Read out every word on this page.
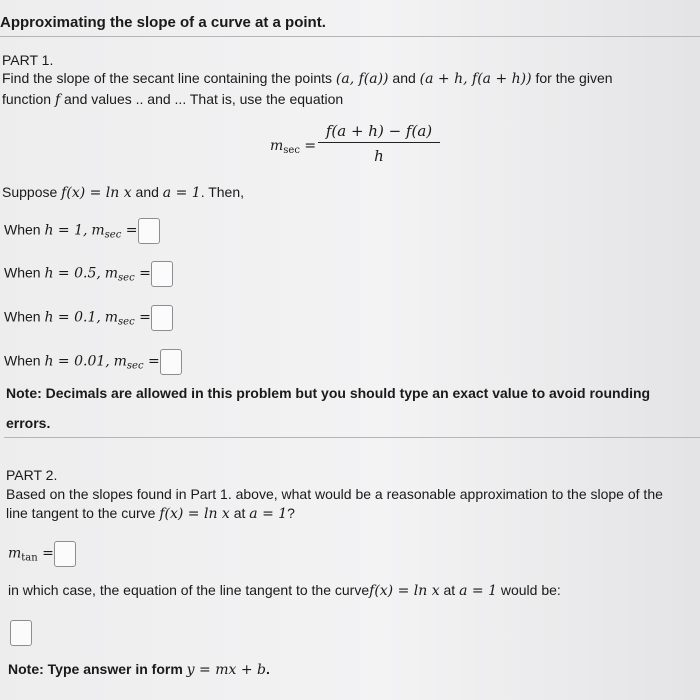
Approximating the slope of a curve at a point.
PART 1.
Find the slope of the secant line containing the points (a, f(a)) and (a + h, f(a + h)) for the given
function f and values .. and ... That is, use the equation
$m_{sec} = \frac{f(a + h) - f(a)}{h}$
Suppose f(x) = ln x and a = 1. Then,
When h = 1, $m_{sec}$ =
When h = 0.5, $m_{sec}$ =
When h = 0.1, $m_{sec}$ =
When h = 0.01, $m_{sec}$ =
Note: Decimals are allowed in this problem but you should type an exact value to avoid rounding
errors.
PART 2.
Based on the slopes found in Part 1. above, what would be a reasonable approximation to the slope of the
line tangent to the curve f(x) = ln x at a = 1?
$m_{tan}$ =
in which case, the equation of the line tangent to the curvef(x) = ln x at a = 1 would be:
Note: Type answer in form y = mx + b.
